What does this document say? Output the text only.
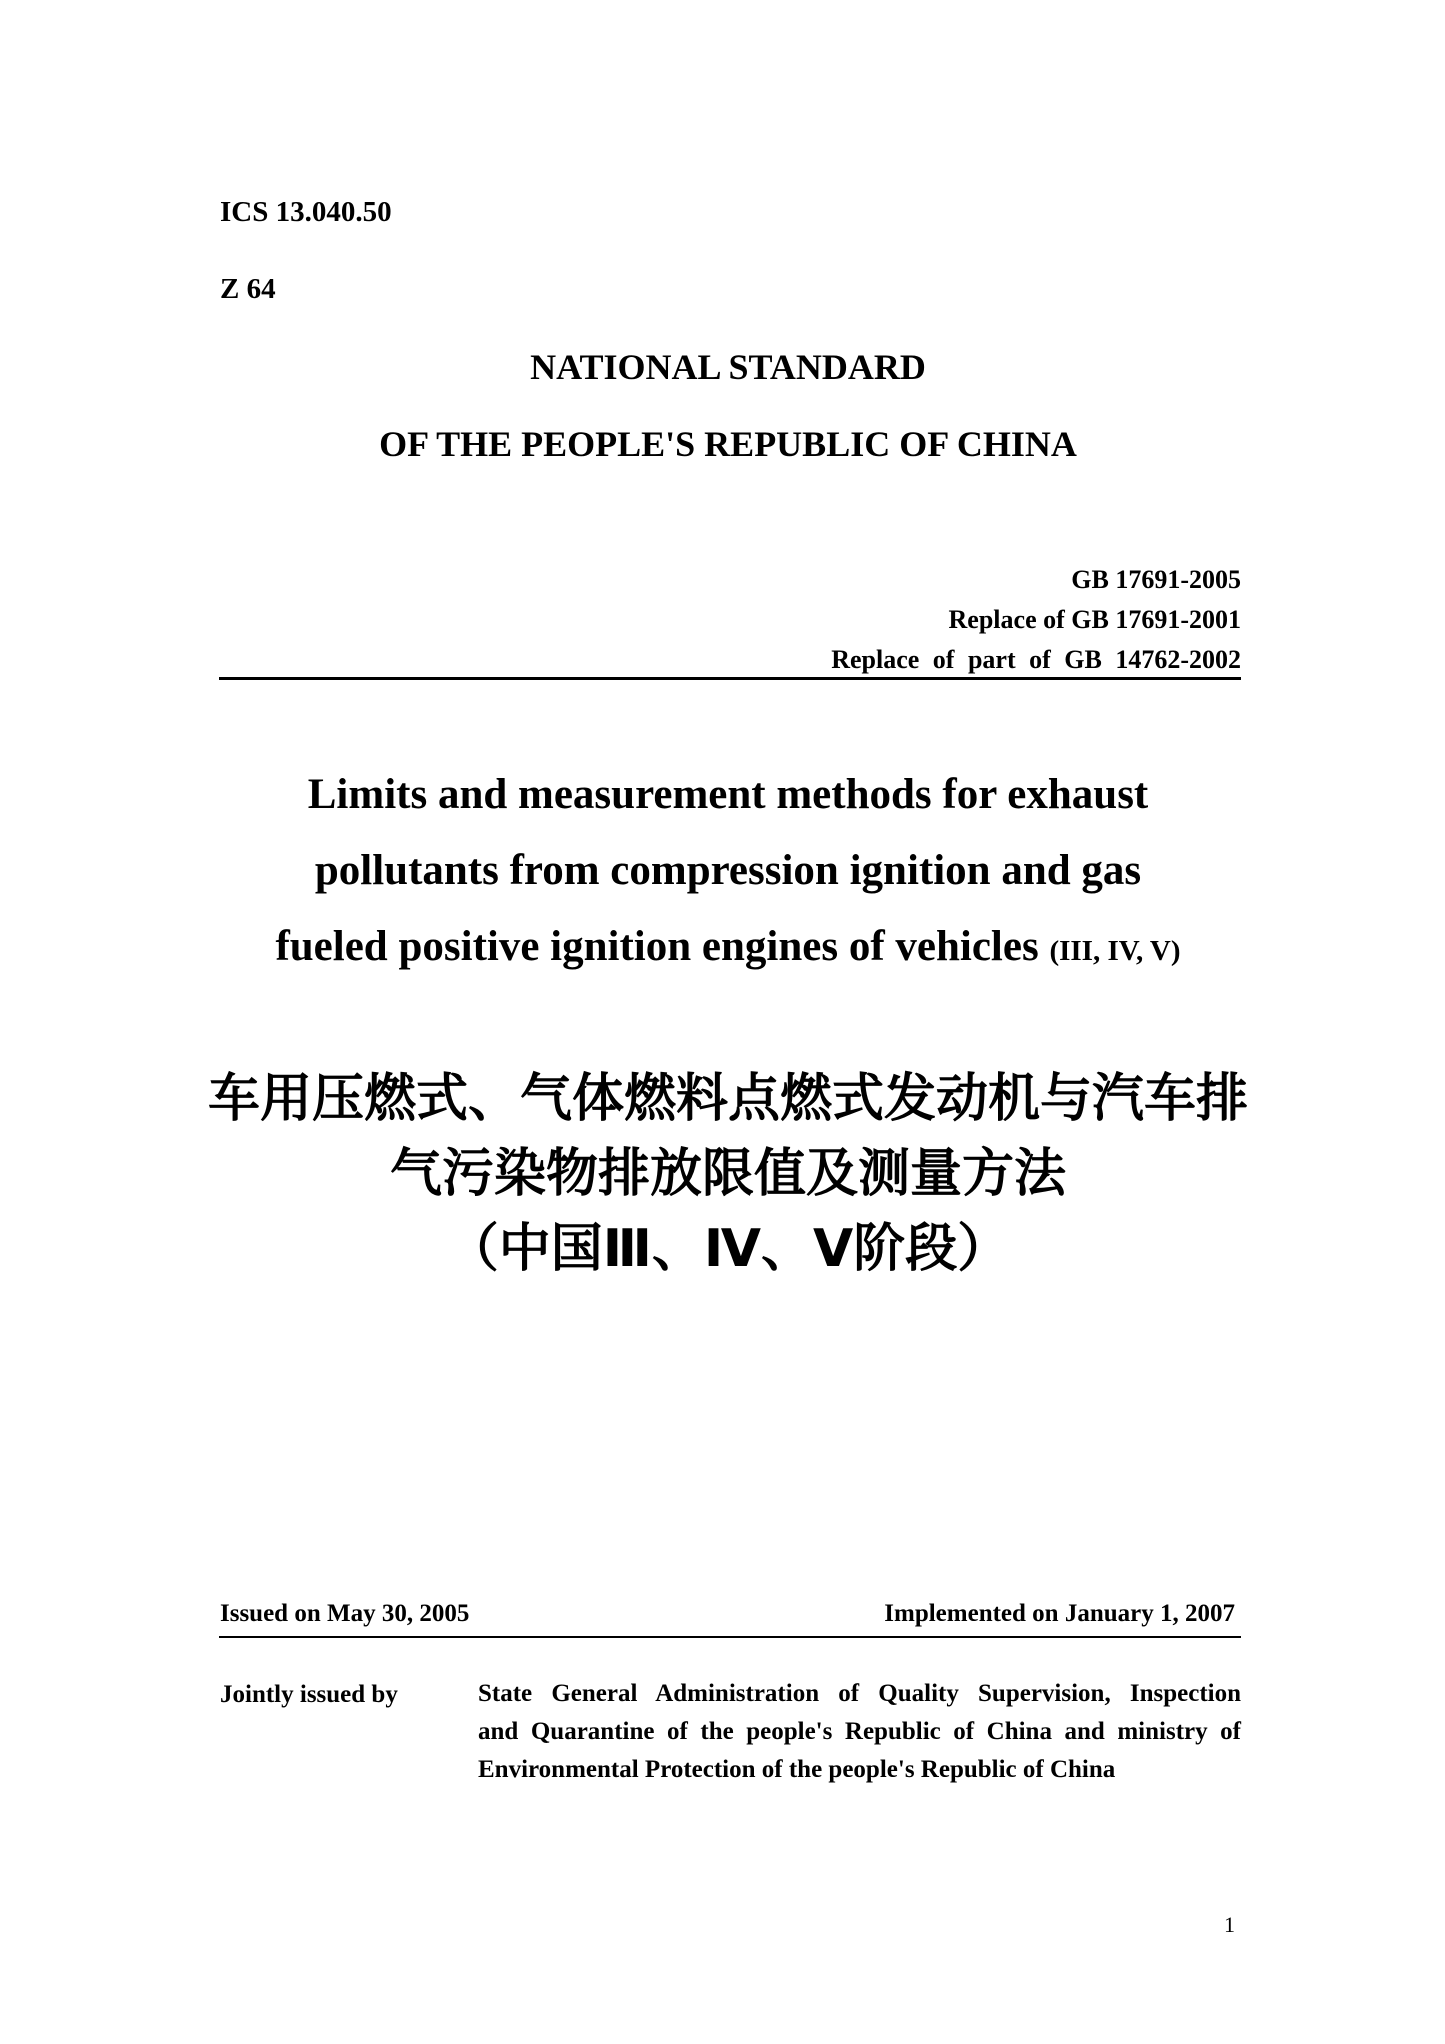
ICS 13.040.50
Z 64
NATIONAL STANDARD
OF THE PEOPLE'S REPUBLIC OF CHINA
GB 17691-2005
Replace of GB 17691-2001
Replace of part of GB 14762-2002
Limits and measurement methods for exhaust
pollutants from compression ignition and gas
fueled positive ignition engines of vehicles (III, IV, V)
车用压燃式、气体燃料点燃式发动机与汽车排
气污染物排放限值及测量方法
（中国Ⅲ、Ⅳ、Ⅴ阶段）
Issued on May 30, 2005	Implemented on January 1, 2007
Jointly issued by	State General Administration of Quality Supervision, Inspection
and Quarantine of the people's Republic of China and ministry of
Environmental Protection of the people's Republic of China
1
